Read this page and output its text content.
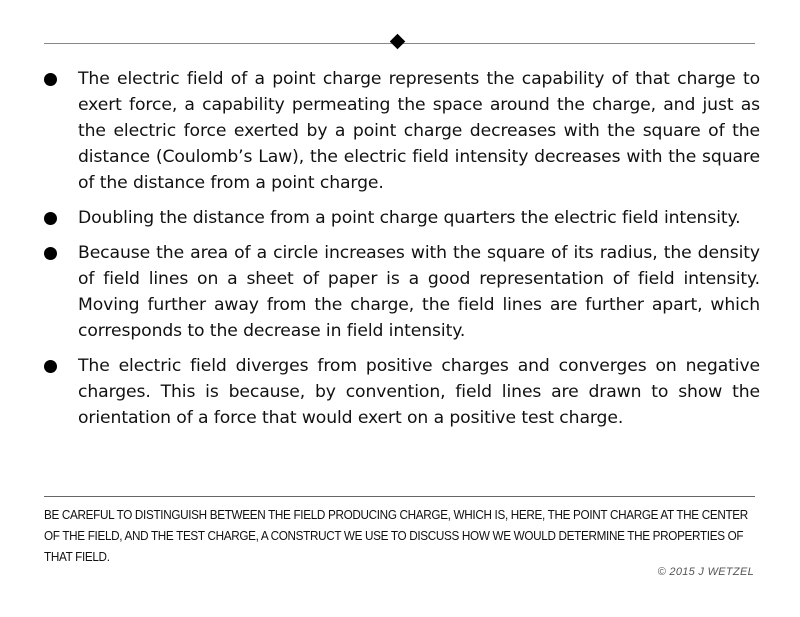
The electric field of a point charge represents the capability of that charge to exert force, a capability permeating the space around the charge, and just as the electric force exerted by a point charge decreases with the square of the distance (Coulomb’s Law), the electric field intensity decreases with the square of the distance from a point charge.
Doubling the distance from a point charge quarters the electric field intensity.
Because the area of a circle increases with the square of its radius, the density of field lines on a sheet of paper is a good representation of field intensity. Moving further away from the charge, the field lines are further apart, which corresponds to the decrease in field intensity.
The electric field diverges from positive charges and converges on negative charges. This is because, by convention, field lines are drawn to show the orientation of a force that would exert on a positive test charge.
BE CAREFUL TO DISTINGUISH BETWEEN THE FIELD PRODUCING CHARGE, WHICH IS, HERE, THE POINT CHARGE AT THE CENTER OF THE FIELD, AND THE TEST CHARGE, A CONSTRUCT WE USE TO DISCUSS HOW WE WOULD DETERMINE THE PROPERTIES OF THAT FIELD.
© 2015 J WETZEL
